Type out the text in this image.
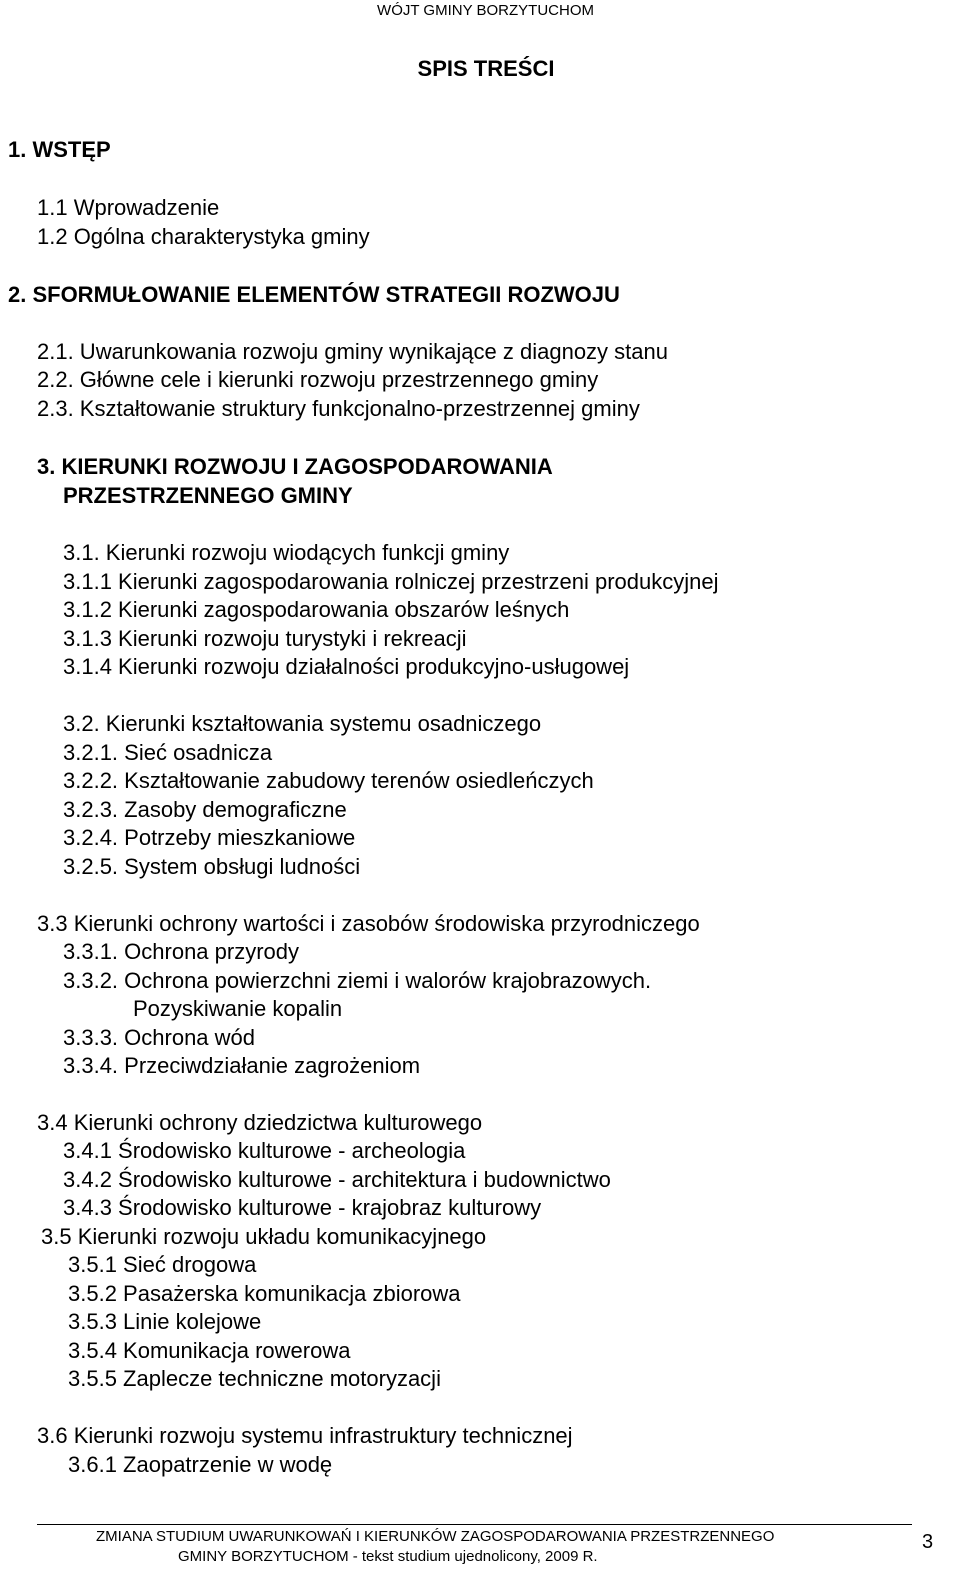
WÓJT GMINY BORZYTUCHOM
SPIS TREŚCI
1. WSTĘP
1.1 Wprowadzenie
1.2 Ogólna charakterystyka gminy
2. SFORMUŁOWANIE ELEMENTÓW STRATEGII ROZWOJU
2.1. Uwarunkowania rozwoju gminy wynikające z diagnozy stanu
2.2. Główne cele i kierunki rozwoju przestrzennego gminy
2.3. Kształtowanie struktury funkcjonalno-przestrzennej gminy
3. KIERUNKI ROZWOJU I ZAGOSPODAROWANIA
PRZESTRZENNEGO GMINY
3.1. Kierunki rozwoju wiodących funkcji gminy
3.1.1 Kierunki zagospodarowania rolniczej przestrzeni produkcyjnej
3.1.2 Kierunki zagospodarowania obszarów leśnych
3.1.3 Kierunki rozwoju turystyki i rekreacji
3.1.4 Kierunki rozwoju działalności produkcyjno-usługowej
3.2. Kierunki kształtowania systemu osadniczego
3.2.1. Sieć osadnicza
3.2.2. Kształtowanie zabudowy terenów osiedleńczych
3.2.3. Zasoby demograficzne
3.2.4. Potrzeby mieszkaniowe
3.2.5. System obsługi ludności
3.3 Kierunki ochrony wartości i zasobów środowiska przyrodniczego
3.3.1. Ochrona przyrody
3.3.2. Ochrona powierzchni ziemi i walorów krajobrazowych.
Pozyskiwanie kopalin
3.3.3. Ochrona wód
3.3.4. Przeciwdziałanie zagrożeniom
3.4 Kierunki ochrony dziedzictwa kulturowego
3.4.1 Środowisko kulturowe - archeologia
3.4.2 Środowisko kulturowe - architektura i budownictwo
3.4.3 Środowisko kulturowe - krajobraz kulturowy
3.5 Kierunki rozwoju układu komunikacyjnego
3.5.1 Sieć drogowa
3.5.2 Pasażerska komunikacja zbiorowa
3.5.3 Linie kolejowe
3.5.4 Komunikacja rowerowa
3.5.5 Zaplecze techniczne motoryzacji
3.6 Kierunki rozwoju systemu infrastruktury technicznej
3.6.1 Zaopatrzenie w wodę
ZMIANA STUDIUM UWARUNKOWAŃ I KIERUNKÓW ZAGOSPODAROWANIA PRZESTRZENNEGO
GMINY BORZYTUCHOM - tekst studium ujednolicony, 2009 R.
3
